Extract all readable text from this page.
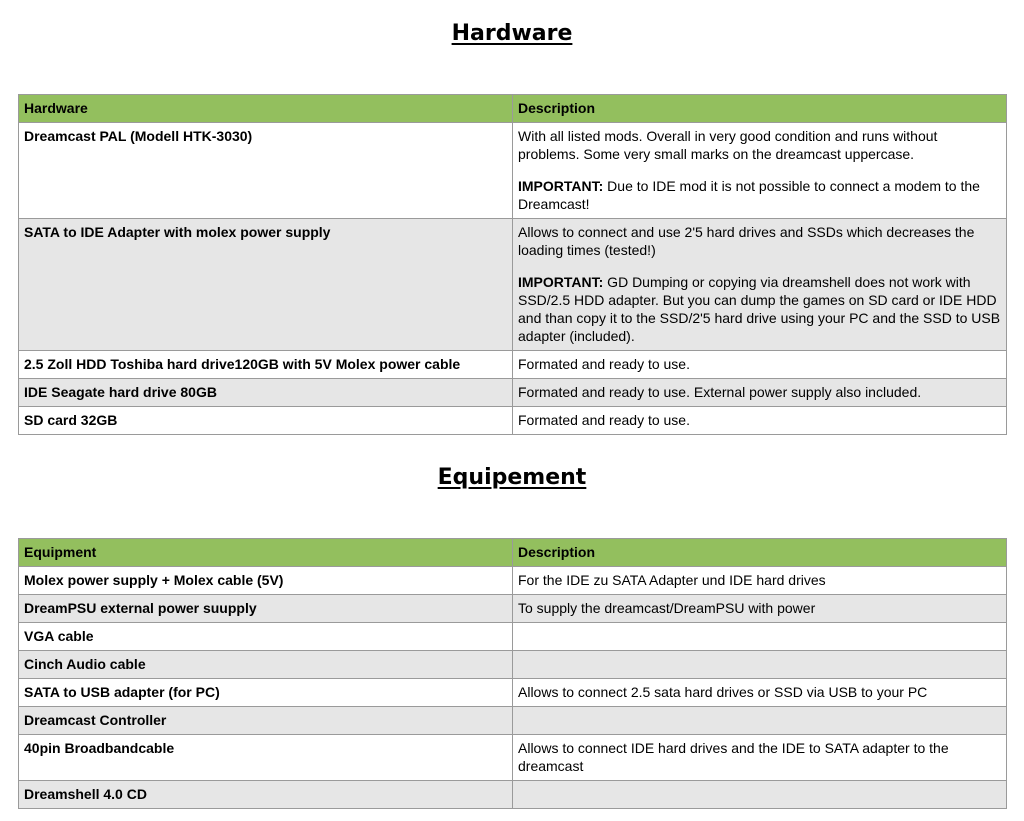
Hardware
Hardware	Description
Dreamcast PAL (Modell HTK-3030)	With all listed mods. Overall in very good condition and runs without problems. Some very small marks on the dreamcast uppercase.

IMPORTANT: Due to IDE mod it is not possible to connect a modem to the Dreamcast!

SATA to IDE Adapter with molex power supply	Allows to connect and use 2'5 hard drives and SSDs which decreases the loading times (tested!)

IMPORTANT: GD Dumping or copying via dreamshell does not work with SSD/2.5 HDD adapter. But you can dump the games on SD card or IDE HDD and than copy it to the SSD/2'5 hard drive using your PC and the SSD to USB adapter (included).

2.5 Zoll HDD Toshiba hard drive120GB with 5V Molex power cable	Formated and ready to use.
IDE Seagate hard drive 80GB	Formated and ready to use. External power supply also included.
SD card 32GB	Formated and ready to use.
Equipement
Equipment	Description
Molex power supply + Molex cable (5V)	For the IDE zu SATA Adapter und IDE hard drives
DreamPSU external power suupply	To supply the dreamcast/DreamPSU with power
VGA cable	
Cinch Audio cable	
SATA to USB adapter (for PC)	Allows to connect 2.5 sata hard drives or SSD via USB to your PC
Dreamcast Controller	
40pin Broadbandcable	Allows to connect IDE hard drives and the IDE to SATA adapter to the dreamcast
Dreamshell 4.0 CD	
